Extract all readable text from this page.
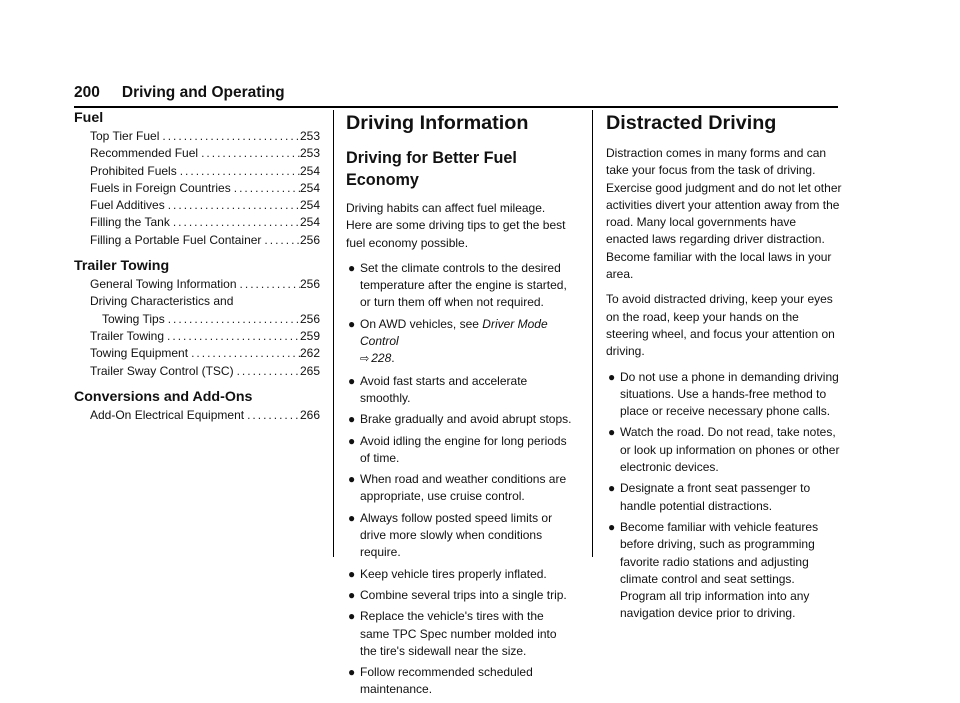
200 Driving and Operating
Fuel
Top Tier Fuel .....	253
Recommended Fuel .....	253
Prohibited Fuels .....	254
Fuels in Foreign Countries .....	254
Fuel Additives .....	254
Filling the Tank .....	254
Filling a Portable Fuel Container .....	256
Trailer Towing
General Towing Information .....	256
Driving Characteristics and
Towing Tips .....	256
Trailer Towing .....	259
Towing Equipment .....	262
Trailer Sway Control (TSC) .....	265
Conversions and Add-Ons
Add-On Electrical Equipment .....	266
Driving Information
Driving for Better Fuel Economy

Driving habits can affect fuel mileage. Here are some driving tips to get the best fuel economy possible.

● Set the climate controls to the desired temperature after the engine is started, or turn them off when not required.
● On AWD vehicles, see Driver Mode Control
⇨ 228.
● Avoid fast starts and accelerate smoothly.
● Brake gradually and avoid abrupt stops.
● Avoid idling the engine for long periods of time.
● When road and weather conditions are appropriate, use cruise control.
● Always follow posted speed limits or drive more slowly when conditions require.
● Keep vehicle tires properly inflated.
● Combine several trips into a single trip.
● Replace the vehicle's tires with the same TPC Spec number molded into the tire's sidewall near the size.
● Follow recommended scheduled maintenance.
Distracted Driving

Distraction comes in many forms and can take your focus from the task of driving. Exercise good judgment and do not let other activities divert your attention away from the road. Many local governments have enacted laws regarding driver distraction. Become familiar with the local laws in your area.

To avoid distracted driving, keep your eyes on the road, keep your hands on the steering wheel, and focus your attention on driving.

● Do not use a phone in demanding driving situations. Use a hands-free method to place or receive necessary phone calls.
● Watch the road. Do not read, take notes, or look up information on phones or other electronic devices.
● Designate a front seat passenger to handle potential distractions.
● Become familiar with vehicle features before driving, such as programming favorite radio stations and adjusting climate control and seat settings. Program all trip information into any navigation device prior to driving.
